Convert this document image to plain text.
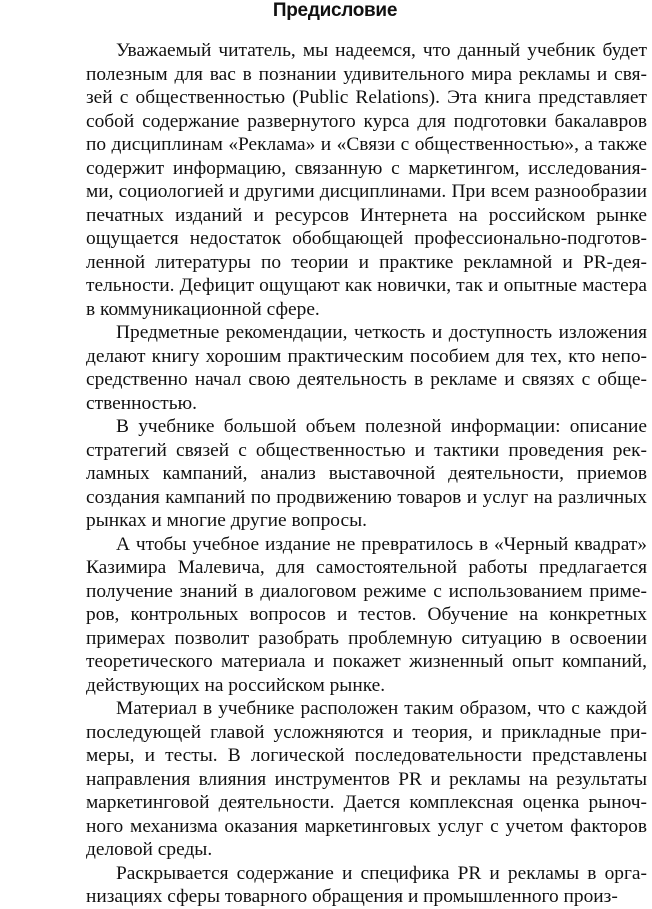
Предисловие

Уважаемый читатель, мы надеемся, что данный учебник будет полезным для вас в познании удивительного мира рекламы и связей с общественностью (Public Relations). Эта книга представляет собой содержание развернутого курса для подготовки бакалавров по дисциплинам «Реклама» и «Связи с общественностью», а также содержит информацию, связанную с маркетингом, исследованиями, социологией и другими дисциплинами. При всем разнообразии печатных изданий и ресурсов Интернета на российском рынке ощущается недостаток обобщающей профессионально-подготовленной литературы по теории и практике рекламной и PR-деятельности. Дефицит ощущают как новички, так и опытные мастера в коммуникационной сфере.

Предметные рекомендации, четкость и доступность изложения делают книгу хорошим практическим пособием для тех, кто непосредственно начал свою деятельность в рекламе и связях с общественностью.

В учебнике большой объем полезной информации: описание стратегий связей с общественностью и тактики проведения рекламных кампаний, анализ выставочной деятельности, приемов создания кампаний по продвижению товаров и услуг на различных рынках и многие другие вопросы.

А чтобы учебное издание не превратилось в «Черный квадрат» Казимира Малевича, для самостоятельной работы предлагается получение знаний в диалоговом режиме с использованием примеров, контрольных вопросов и тестов. Обучение на конкретных примерах позволит разобрать проблемную ситуацию в освоении теоретического материала и покажет жизненный опыт компаний, действующих на российском рынке.

Материал в учебнике расположен таким образом, что с каждой последующей главой усложняются и теория, и прикладные примеры, и тесты. В логической последовательности представлены направления влияния инструментов PR и рекламы на результаты маркетинговой деятельности. Дается комплексная оценка рыночного механизма оказания маркетинговых услуг с учетом факторов деловой среды.

Раскрывается содержание и специфика PR и рекламы в организациях сферы товарного обращения и промышленного произ-
